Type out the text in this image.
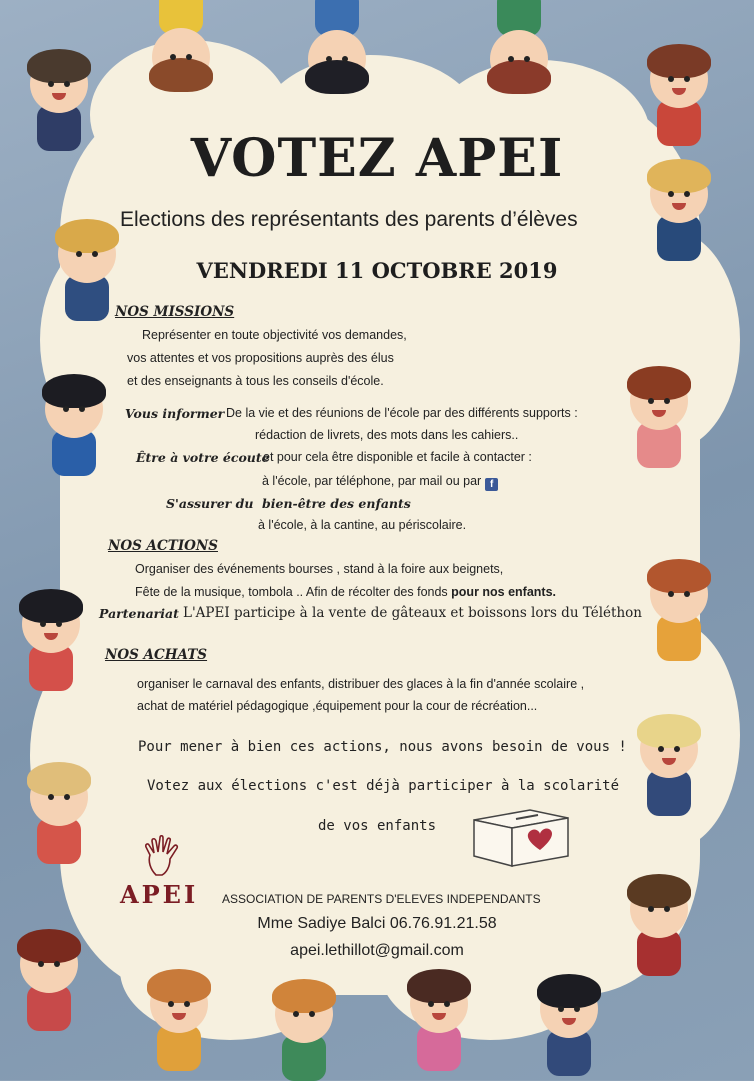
VOTEZ APEI
Elections des représentants des parents d’élèves
VENDREDI 11 OCTOBRE 2019
NOS MISSIONS
Représenter en toute objectivité vos demandes,
vos attentes et vos propositions auprès des élus
et des enseignants à tous les conseils d'école.
Vous informer De la vie et des réunions de l'école par des différents supports :
rédaction de livrets, des mots dans les cahiers..
Être à votre écoute
et pour cela être disponible et facile à contacter :
à l'école, par téléphone, par mail ou par f
S'assurer du bien-être des enfants
à l'école, à la cantine, au périscolaire.
NOS ACTIONS
Organiser des événements bourses , stand à la foire aux beignets,
Fête de la musique, tombola .. Afin de récolter des fonds pour nos enfants.
Partenariat L'APEI participe à la vente de gâteaux et boissons lors du Téléthon
NOS ACHATS
organiser le carnaval des enfants, distribuer des glaces à la fin d'année scolaire ,
achat de matériel pédagogique ,équipement pour la cour de récréation...
Pour mener à bien ces actions, nous avons besoin de vous !
Votez aux élections c'est déjà participer à la scolarité
de vos enfants
APEI ASSOCIATION DE PARENTS D'ELEVES INDEPENDANTS
Mme Sadiye Balci 06.76.91.21.58
apei.lethillot@gmail.com
